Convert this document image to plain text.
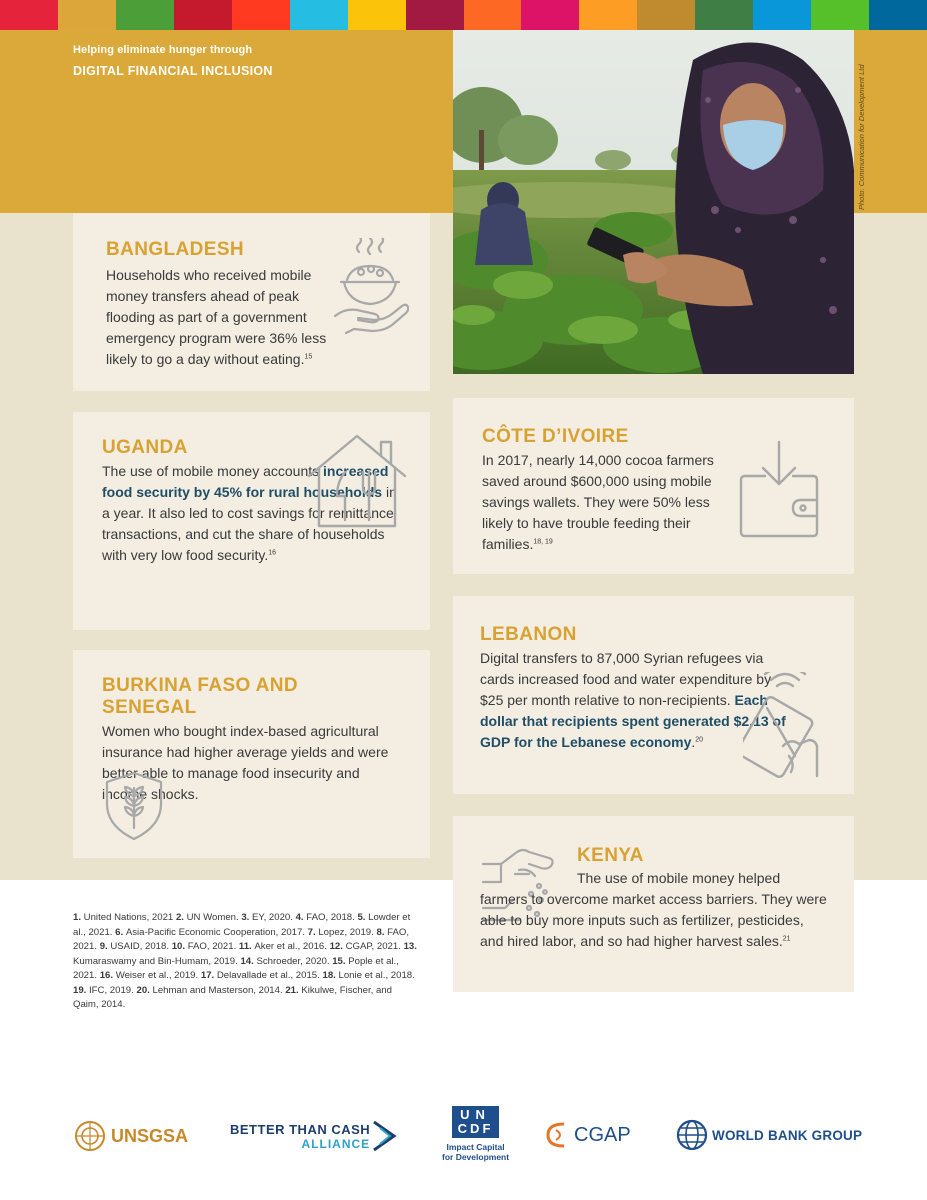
Helping eliminate hunger through
DIGITAL FINANCIAL INCLUSION	Photo: Communication for Development Ltd
BANGLADESH

Households who received mobile money transfers ahead of peak flooding as part of a government emergency program were 36% less likely to go a day without eating.$^{15}$

UGANDA

The use of mobile money accounts increased food security by 45% for rural households in a year. It also led to cost savings for remittance transactions, and cut the share of households with very low food security.$^{16}$

BURKINA FASO AND SENEGAL

Women who bought index-based agricultural insurance had higher average yields and were better able to manage food insecurity and income shocks.

CÔTE D’IVOIRE

In 2017, nearly 14,000 cocoa farmers saved around $600,000 using mobile savings wallets. They were 50% less likely to have trouble feeding their families.$^{18, 19}$

LEBANON

Digital transfers to 87,000 Syrian refugees via cards increased food and water expenditure by $25 per month relative to non-recipients. Each dollar that recipients spent generated $2.13 of GDP for the Lebanese economy.$^{20}$

KENYA

The use of mobile money helped farmers to overcome market access barriers. They were able to buy more inputs such as fertilizer, pesticides, and hired labor, and so had higher harvest sales.$^{21}$

1. United Nations, 2021 2. UN Women. 3. EY, 2020. 4. FAO, 2018. 5. Lowder et al., 2021. 6. Asia-Pacific Economic Cooperation, 2017. 7. Lopez, 2019. 8. FAO, 2021. 9. USAID, 2018. 10. FAO, 2021. 11. Aker et al., 2016. 12. CGAP, 2021. 13. Kumaraswamy and Bin-Humam, 2019. 14. Schroeder, 2020. 15. Pople et al., 2021. 16. Weiser et al., 2019. 17. Delavallade et al., 2015. 18. Lonie et al., 2018. 19. IFC, 2019. 20. Lehman and Masterson, 2014. 21. Kikulwe, Fischer, and Qaim, 2014.
UNSGSA	BETTER THAN CASH
ALLIANCE
UN
CDF
Impact Capital
for Development
CGAP	WORLD BANK GROUP
